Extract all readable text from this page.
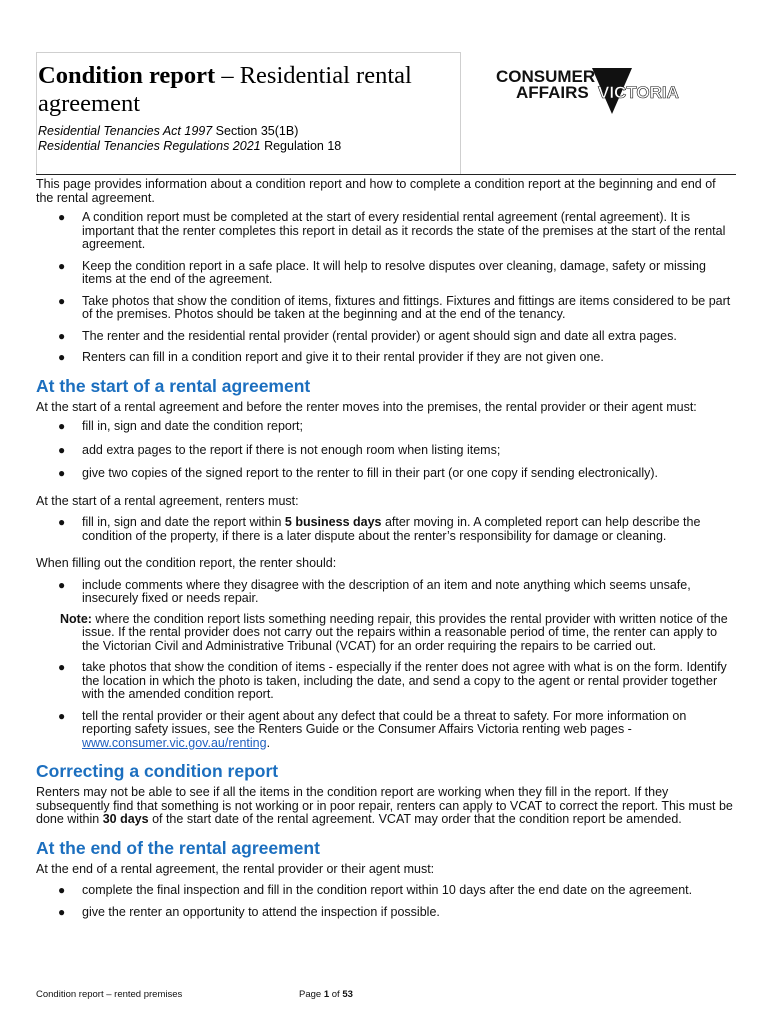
Condition report – Residential rental agreement
Residential Tenancies Act 1997 Section 35(1B)
Residential Tenancies Regulations 2021 Regulation 18
CONSUMER
AFFAIRS VICTORIA

This page provides information about a condition report and how to complete a condition report at the beginning and end of the rental agreement.

● A condition report must be completed at the start of every residential rental agreement (rental agreement). It is important that the renter completes this report in detail as it records the state of the premises at the start of the rental agreement.
● Keep the condition report in a safe place. It will help to resolve disputes over cleaning, damage, safety or missing items at the end of the agreement.
● Take photos that show the condition of items, fixtures and fittings. Fixtures and fittings are items considered to be part of the premises. Photos should be taken at the beginning and at the end of the tenancy.
● The renter and the residential rental provider (rental provider) or agent should sign and date all extra pages.
● Renters can fill in a condition report and give it to their rental provider if they are not given one.
At the start of a rental agreement

At the start of a rental agreement and before the renter moves into the premises, the rental provider or their agent must:

● fill in, sign and date the condition report;
● add extra pages to the report if there is not enough room when listing items;
● give two copies of the signed report to the renter to fill in their part (or one copy if sending electronically).

At the start of a rental agreement, renters must:

● fill in, sign and date the report within 5 business days after moving in. A completed report can help describe the condition of the property, if there is a later dispute about the renter’s responsibility for damage or cleaning.

When filling out the condition report, the renter should:

● include comments where they disagree with the description of an item and note anything which seems unsafe, insecurely fixed or needs repair.
Note: where the condition report lists something needing repair, this provides the rental provider with written notice of the issue. If the rental provider does not carry out the repairs within a reasonable period of time, the renter can apply to the Victorian Civil and Administrative Tribunal (VCAT) for an order requiring the repairs to be carried out.
● take photos that show the condition of items - especially if the renter does not agree with what is on the form. Identify the location in which the photo is taken, including the date, and send a copy to the agent or rental provider together with the amended condition report.
● tell the rental provider or their agent about any defect that could be a threat to safety. For more information on reporting safety issues, see the Renters Guide or the Consumer Affairs Victoria renting web pages - www.consumer.vic.gov.au/renting.
Correcting a condition report

Renters may not be able to see if all the items in the condition report are working when they fill in the report. If they subsequently find that something is not working or in poor repair, renters can apply to VCAT to correct the report. This must be done within 30 days of the start date of the rental agreement. VCAT may order that the condition report be amended.

At the end of the rental agreement

At the end of a rental agreement, the rental provider or their agent must:

● complete the final inspection and fill in the condition report within 10 days after the end date on the agreement.
● give the renter an opportunity to attend the inspection if possible.
Condition report – rented premises	Page 1 of 53
